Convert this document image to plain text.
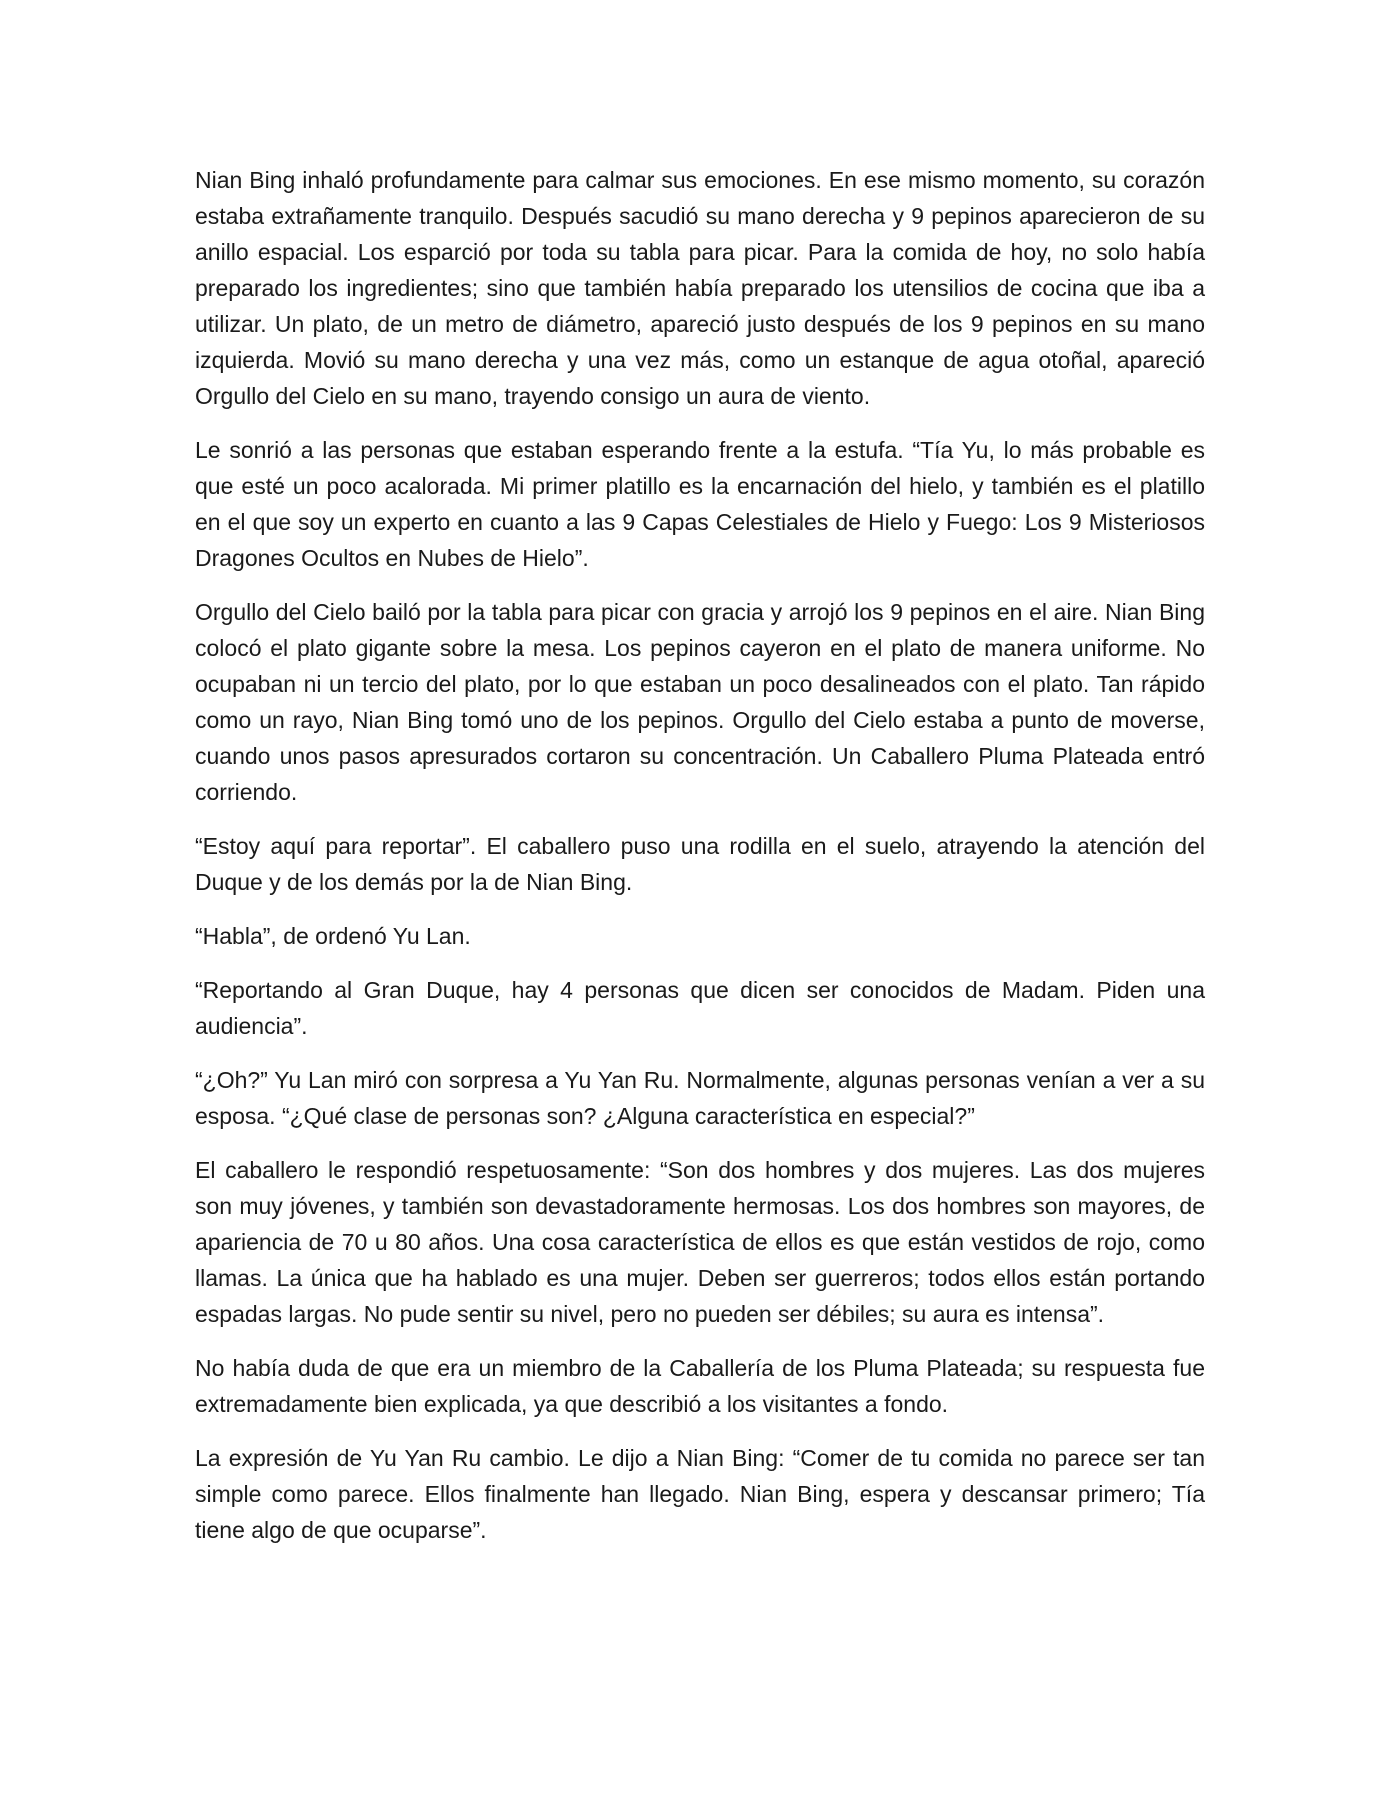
Nian Bing inhaló profundamente para calmar sus emociones. En ese mismo momento, su corazón estaba extrañamente tranquilo. Después sacudió su mano derecha y 9 pepinos aparecieron de su anillo espacial. Los esparció por toda su tabla para picar. Para la comida de hoy, no solo había preparado los ingredientes; sino que también había preparado los utensilios de cocina que iba a utilizar. Un plato, de un metro de diámetro, apareció justo después de los 9 pepinos en su mano izquierda. Movió su mano derecha y una vez más, como un estanque de agua otoñal, apareció Orgullo del Cielo en su mano, trayendo consigo un aura de viento.

Le sonrió a las personas que estaban esperando frente a la estufa. “Tía Yu, lo más probable es que esté un poco acalorada. Mi primer platillo es la encarnación del hielo, y también es el platillo en el que soy un experto en cuanto a las 9 Capas Celestiales de Hielo y Fuego: Los 9 Misteriosos Dragones Ocultos en Nubes de Hielo”.

Orgullo del Cielo bailó por la tabla para picar con gracia y arrojó los 9 pepinos en el aire. Nian Bing colocó el plato gigante sobre la mesa. Los pepinos cayeron en el plato de manera uniforme. No ocupaban ni un tercio del plato, por lo que estaban un poco desalineados con el plato. Tan rápido como un rayo, Nian Bing tomó uno de los pepinos. Orgullo del Cielo estaba a punto de moverse, cuando unos pasos apresurados cortaron su concentración. Un Caballero Pluma Plateada entró corriendo.

“Estoy aquí para reportar”. El caballero puso una rodilla en el suelo, atrayendo la atención del Duque y de los demás por la de Nian Bing.

“Habla”, de ordenó Yu Lan.

“Reportando al Gran Duque, hay 4 personas que dicen ser conocidos de Madam. Piden una audiencia”.

“¿Oh?” Yu Lan miró con sorpresa a Yu Yan Ru. Normalmente, algunas personas venían a ver a su esposa. “¿Qué clase de personas son? ¿Alguna característica en especial?”

El caballero le respondió respetuosamente: “Son dos hombres y dos mujeres. Las dos mujeres son muy jóvenes, y también son devastadoramente hermosas. Los dos hombres son mayores, de apariencia de 70 u 80 años. Una cosa característica de ellos es que están vestidos de rojo, como llamas. La única que ha hablado es una mujer. Deben ser guerreros; todos ellos están portando espadas largas. No pude sentir su nivel, pero no pueden ser débiles; su aura es intensa”.

No había duda de que era un miembro de la Caballería de los Pluma Plateada; su respuesta fue extremadamente bien explicada, ya que describió a los visitantes a fondo.

La expresión de Yu Yan Ru cambio. Le dijo a Nian Bing: “Comer de tu comida no parece ser tan simple como parece. Ellos finalmente han llegado. Nian Bing, espera y descansar primero; Tía tiene algo de que ocuparse”.
